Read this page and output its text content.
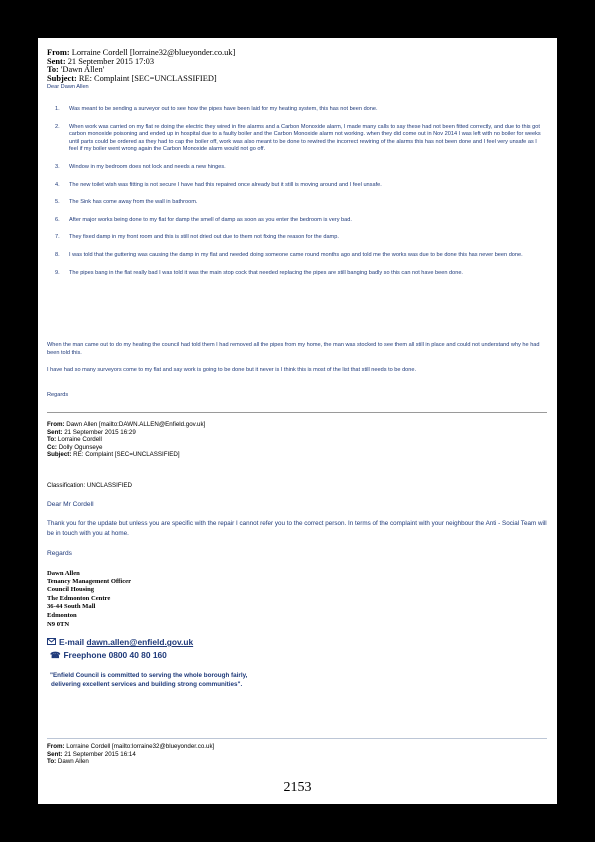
From: Lorraine Cordell [lorraine32@blueyonder.co.uk]
Sent: 21 September 2015 17:03
To: 'Dawn Allen'
Subject: RE: Complaint [SEC=UNCLASSIFIED]
Dear Dawn Allen
1. Was meant to be sending a surveyor out to see how the pipes have been laid for my heating system, this has not been done.
2. When work was carried on my flat re doing the electric they wired in fire alarms and a Carbon Monoxide alarm, I made many calls to say these had not been fitted correctly, and due to this got carbon monoxide poisoning and ended up in hospital due to a faulty boiler and the Carbon Monoxide alarm not working. when they did come out in Nov 2014 I was left with no boiler for weeks until parts could be ordered as they had to cap the boiler off, work was also meant to be done to rewired the incorrect rewiring of the alarms this has not been done and I feel very unsafe as I feel if my boiler went wrong again the Carbon Monoxide alarm would not go off.
3. Window in my bedroom does not lock and needs a new hinges.
4. The new toilet wish was fitting is not secure I have had this repaired once already but it still is moving around and I feel unsafe.
5. The Sink has come away from the wall in bathroom.
6. After major works being done to my flat for damp the smell of damp as soon as you enter the bedroom is very bad.
7. They fixed damp in my front room and this is still not dried out due to them not fixing the reason for the damp.
8. I was told that the guttering was causing the damp in my flat and needed doing someone came round months ago and told me the works was due to be done this has never been done.
9. The pipes bang in the flat really bad I was told it was the main stop cock that needed replacing the pipes are still banging badly so this can not have been done.
When the man came out to do my heating the council had told them I had removed all the pipes from my home, the man was stocked to see them all still in place and could not understand why he had been told this.
I have had so many surveyors come to my flat and say work is going to be done but it never is I think this is most of the list that still needs to be done.
Regards
From: Dawn Allen [mailto:DAWN.ALLEN@Enfield.gov.uk]
Sent: 21 September 2015 16:29
To: Lorraine Cordell
Cc: Dolly Ogunseye
Subject: RE: Complaint [SEC=UNCLASSIFIED]
Classification: UNCLASSIFIED
Dear Mr Cordell
Thank you for the update but unless you are specific with the repair I cannot refer you to the correct person. In terms of the complaint with your neighbour the Anti - Social Team will be in touch with you at home.
Regards
Dawn Allen
Tenancy Management Officer
Council Housing
The Edmonton Centre
36-44 South Mall
Edmonton
N9 0TN
E-mail dawn.allen@enfield.gov.uk
☎ Freephone 0800 40 80 160
"Enfield Council is committed to serving the whole borough fairly,
delivering excellent services and building strong communities".
From: Lorraine Cordell [mailto:lorraine32@blueyonder.co.uk]
Sent: 21 September 2015 16:14
To: Dawn Allen
2153
